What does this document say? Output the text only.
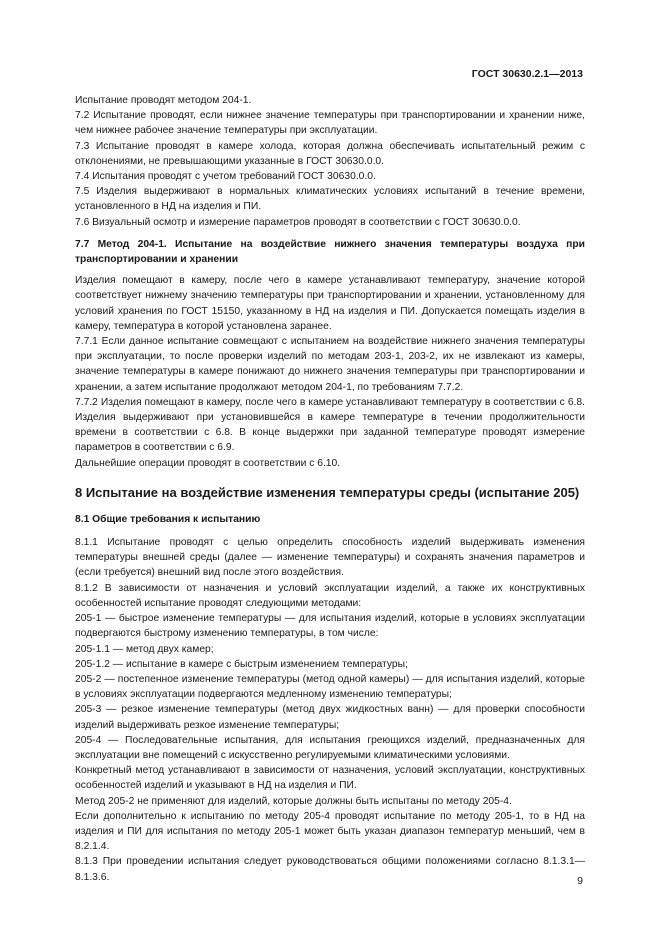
ГОСТ 30630.2.1—2013

Испытание проводят методом 204-1.

7.2 Испытание проводят, если нижнее значение температуры при транспортировании и хранении ниже, чем нижнее рабочее значение температуры при эксплуатации.

7.3 Испытание проводят в камере холода, которая должна обеспечивать испытательный режим с отклонениями, не превышающими указанные в ГОСТ 30630.0.0.

7.4 Испытания проводят с учетом требований ГОСТ 30630.0.0.

7.5 Изделия выдерживают в нормальных климатических условиях испытаний в течение времени, установленного в НД на изделия и ПИ.

7.6 Визуальный осмотр и измерение параметров проводят в соответствии с ГОСТ 30630.0.0.

7.7 Метод 204-1. Испытание на воздействие нижнего значения температуры воздуха при транспортировании и хранении

Изделия помещают в камеру, после чего в камере устанавливают температуру, значение которой соответствует нижнему значению температуры при транспортировании и хранении, установленному для условий хранения по ГОСТ 15150, указанному в НД на изделия и ПИ. Допускается помещать изделия в камеру, температура в которой установлена заранее.

7.7.1 Если данное испытание совмещают с испытанием на воздействие нижнего значения температуры при эксплуатации, то после проверки изделий по методам 203-1, 203-2, их не извлекают из камеры, значение температуры в камере понижают до нижнего значения температуры при транспортировании и хранении, а затем испытание продолжают методом 204-1, по требованиям 7.7.2.

7.7.2 Изделия помещают в камеру, после чего в камере устанавливают температуру в соответствии с 6.8. Изделия выдерживают при установившейся в камере температуре в течении продолжительности времени в соответствии с 6.8. В конце выдержки при заданной температуре проводят измерение параметров в соответствии с 6.9.

Дальнейшие операции проводят в соответствии с 6.10.

8 Испытание на воздействие изменения температуры среды (испытание 205)

8.1 Общие требования к испытанию

8.1.1 Испытание проводят с целью определить способность изделий выдерживать изменения температуры внешней среды (далее — изменение температуры) и сохранять значения параметров и (если требуется) внешний вид после этого воздействия.

8.1.2 В зависимости от назначения и условий эксплуатации изделий, а также их конструктивных особенностей испытание проводят следующими методами:

205-1 — быстрое изменение температуры — для испытания изделий, которые в условиях эксплуатации подвергаются быстрому изменению температуры, в том числе:

205-1.1 — метод двух камер;

205-1.2 — испытание в камере с быстрым изменением температуры;

205-2 — постепенное изменение температуры (метод одной камеры) — для испытания изделий, которые в условиях эксплуатации подвергаются медленному изменению температуры;

205-3 — резкое изменение температуры (метод двух жидкостных ванн) — для проверки способности изделий выдерживать резкое изменение температуры;

205-4 — Последовательные испытания, для испытания греющихся изделий, предназначенных для эксплуатации вне помещений с искусственно регулируемыми климатическими условиями.

Конкретный метод устанавливают в зависимости от назначения, условий эксплуатации, конструктивных особенностей изделий и указывают в НД на изделия и ПИ.

Метод 205-2 не применяют для изделий, которые должны быть испытаны по методу 205-4.

Если дополнительно к испытанию по методу 205-4 проводят испытание по методу 205-1, то в НД на изделия и ПИ для испытания по методу 205-1 может быть указан диапазон температур меньший, чем в 8.2.1.4.

8.1.3 При проведении испытания следует руководствоваться общими положениями согласно 8.1.3.1—8.1.3.6.	9
